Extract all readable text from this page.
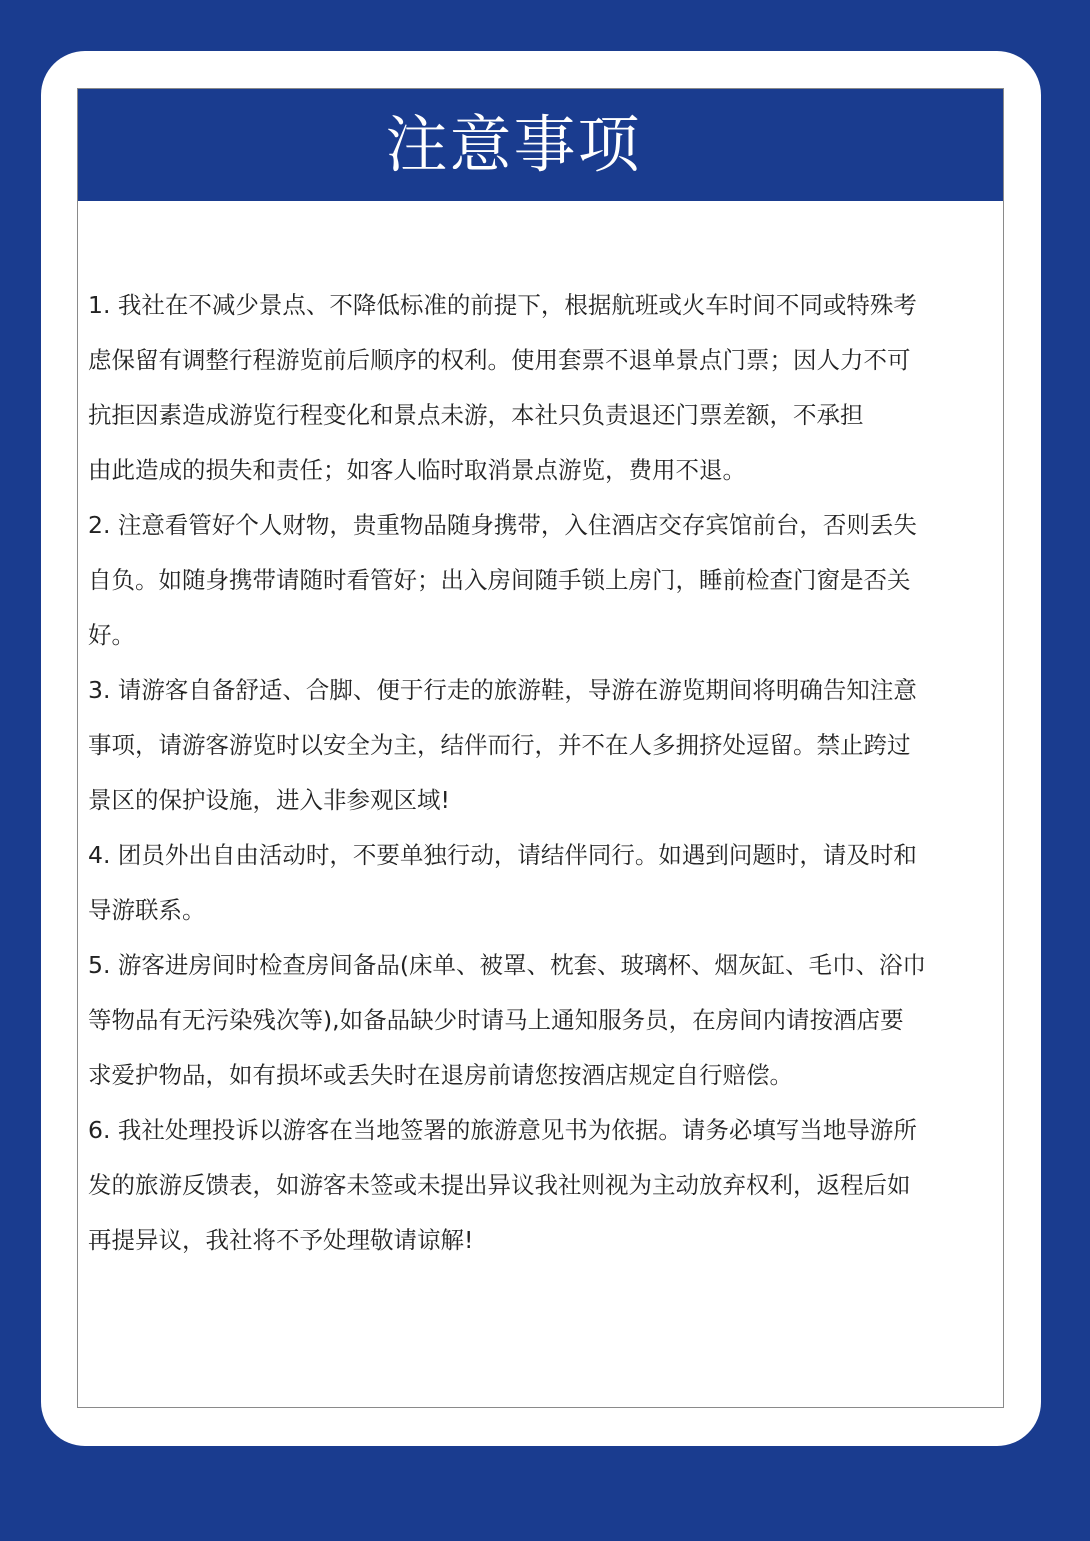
注意事项
1. 我社在不减少景点、不降低标准的前提下，根据航班或火车时间不同或特殊考
虑保留有调整行程游览前后顺序的权利。使用套票不退单景点门票；因人力不可
抗拒因素造成游览行程变化和景点未游，本社只负责退还门票差额，不承担
由此造成的损失和责任；如客人临时取消景点游览，费用不退。
2. 注意看管好个人财物，贵重物品随身携带，入住酒店交存宾馆前台，否则丢失
自负。如随身携带请随时看管好；出入房间随手锁上房门，睡前检查门窗是否关
好。
3. 请游客自备舒适、合脚、便于行走的旅游鞋，导游在游览期间将明确告知注意
事项，请游客游览时以安全为主，结伴而行，并不在人多拥挤处逗留。禁止跨过
景区的保护设施，进入非参观区域!
4. 团员外出自由活动时，不要单独行动，请结伴同行。如遇到问题时，请及时和
导游联系。
5. 游客进房间时检查房间备品(床单、被罩、枕套、玻璃杯、烟灰缸、毛巾、浴巾
等物品有无污染残次等),如备品缺少时请马上通知服务员，在房间内请按酒店要
求爱护物品，如有损坏或丢失时在退房前请您按酒店规定自行赔偿。
6. 我社处理投诉以游客在当地签署的旅游意见书为依据。请务必填写当地导游所
发的旅游反馈表，如游客未签或未提出异议我社则视为主动放弃权利，返程后如
再提异议，我社将不予处理敬请谅解!
